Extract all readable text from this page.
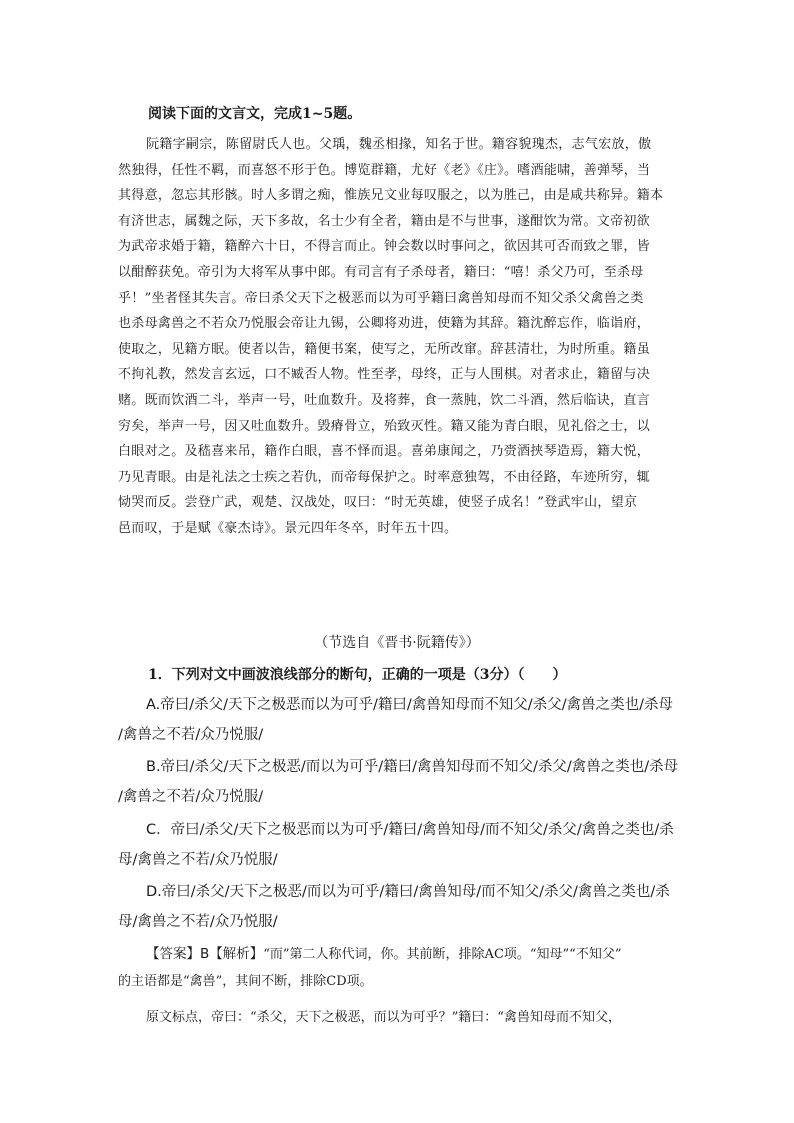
阅读下面的文言文，完成1~5题。
阮籍字嗣宗，陈留尉氏人也。父瑀，魏丞相掾，知名于世。籍容貌瑰杰，志气宏放，傲
然独得，任性不羁，而喜怒不形于色。博览群籍，尤好《老》《庄》。嗜酒能啸，善弹琴，当
其得意，忽忘其形骸。时人多谓之痴，惟族兄文业每叹服之，以为胜己，由是咸共称异。籍本
有济世志，属魏之际，天下多故，名士少有全者，籍由是不与世事，遂酣饮为常。文帝初欲
为武帝求婚于籍，籍醉六十日，不得言而止。钟会数以时事问之，欲因其可否而致之罪，皆
以酣醉获免。帝引为大将军从事中郎。有司言有子杀母者，籍曰：“嘻！杀父乃可，至杀母
乎！”坐者怪其失言。帝曰杀父天下之极恶而以为可乎籍曰禽兽知母而不知父杀父禽兽之类
也杀母禽兽之不若众乃悦服会帝让九锡，公卿将劝进，使籍为其辞。籍沈醉忘作，临诣府，
使取之，见籍方眠。使者以告，籍便书案，使写之，无所改窜。辞甚清壮，为时所重。籍虽
不拘礼教，然发言玄远，口不臧否人物。性至孝，母终，正与人围棋。对者求止，籍留与决
赌。既而饮酒二斗，举声一号，吐血数升。及将葬，食一蒸肫，饮二斗酒，然后临诀，直言
穷矣，举声一号，因又吐血数升。毁瘠骨立，殆致灭性。籍又能为青白眼，见礼俗之士，以
白眼对之。及嵇喜来吊，籍作白眼，喜不怿而退。喜弟康闻之，乃赍酒挟琴造焉，籍大悦，
乃见青眼。由是礼法之士疾之若仇，而帝每保护之。时率意独驾，不由径路，车迹所穷，辄
恸哭而反。尝登广武，观楚、汉战处，叹曰：“时无英雄，使竖子成名！”登武牢山，望京
邑而叹，于是赋《豪杰诗》。景元四年冬卒，时年五十四。
（节选自《晋书·阮籍传》）
1．下列对文中画波浪线部分的断句，正确的一项是（3分）（　　）
A.帝曰/杀父/天下之极恶而以为可乎/籍曰/禽兽知母而不知父/杀父/禽兽之类也/杀母
/禽兽之不若/众乃悦服/
B.帝曰/杀父/天下之极恶/而以为可乎/籍曰/禽兽知母而不知父/杀父/禽兽之类也/杀母
/禽兽之不若/众乃悦服/
C．帝曰/杀父/天下之极恶而以为可乎/籍曰/禽兽知母/而不知父/杀父/禽兽之类也/杀
母/禽兽之不若/众乃悦服/
D.帝曰/杀父/天下之极恶/而以为可乎/籍曰/禽兽知母/而不知父/杀父/禽兽之类也/杀
母/禽兽之不若/众乃悦服/
【答案】B【解析】“而”第二人称代词，你。其前断，排除AC项。“知母”“不知父”
的主语都是“禽兽”，其间不断，排除CD项。
原文标点，帝曰：“杀父，天下之极恶，而以为可乎？”籍曰：“禽兽知母而不知父，
